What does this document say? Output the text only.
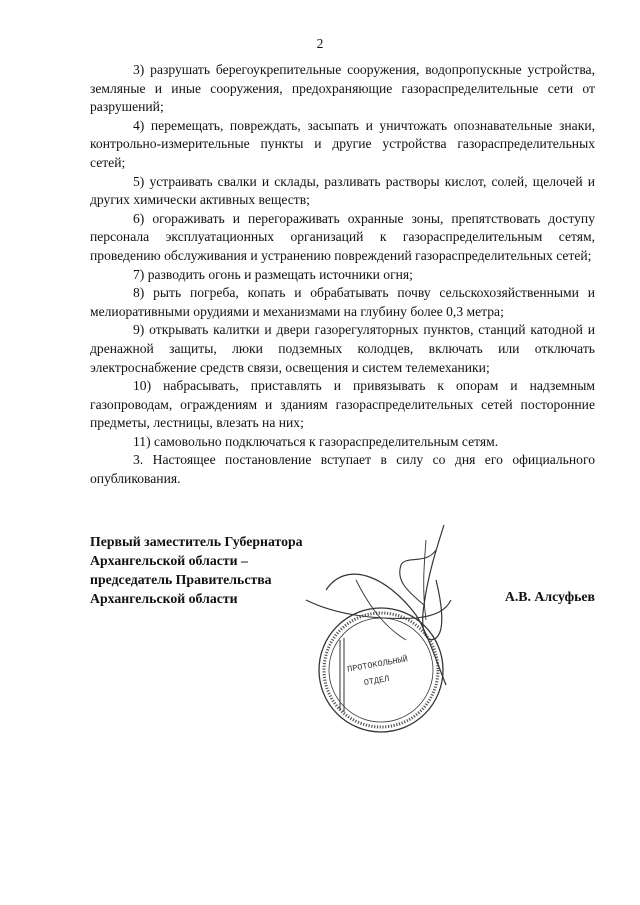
2

3) разрушать берегоукрепительные сооружения, водопропускные устройства, земляные и иные сооружения, предохраняющие газораспределительные сети от разрушений;

4) перемещать, повреждать, засыпать и уничтожать опознавательные знаки, контрольно-измерительные пункты и другие устройства газораспределительных сетей;

5) устраивать свалки и склады, разливать растворы кислот, солей, щелочей и других химически активных веществ;

6) огораживать и перегораживать охранные зоны, препятствовать доступу персонала эксплуатационных организаций к газораспределительным сетям, проведению обслуживания и устранению повреждений газораспределительных сетей;

7) разводить огонь и размещать источники огня;

8) рыть погреба, копать и обрабатывать почву сельскохозяйственными и мелиоративными орудиями и механизмами на глубину более 0,3 метра;

9) открывать калитки и двери газорегуляторных пунктов, станций катодной и дренажной защиты, люки подземных колодцев, включать или отключать электроснабжение средств связи, освещения и систем телемеханики;

10) набрасывать, приставлять и привязывать к опорам и надземным газопроводам, ограждениям и зданиям газораспределительных сетей посторонние предметы, лестницы, влезать на них;

11) самовольно подключаться к газораспределительным сетям.

3. Настоящее постановление вступает в силу со дня его официального опубликования.

Первый заместитель Губернатора
Архангельской области –
председатель Правительства
Архангельской области	А.В. Алсуфьев
ПРОТОКОЛЬНЫЙ
ОТДЕЛ
